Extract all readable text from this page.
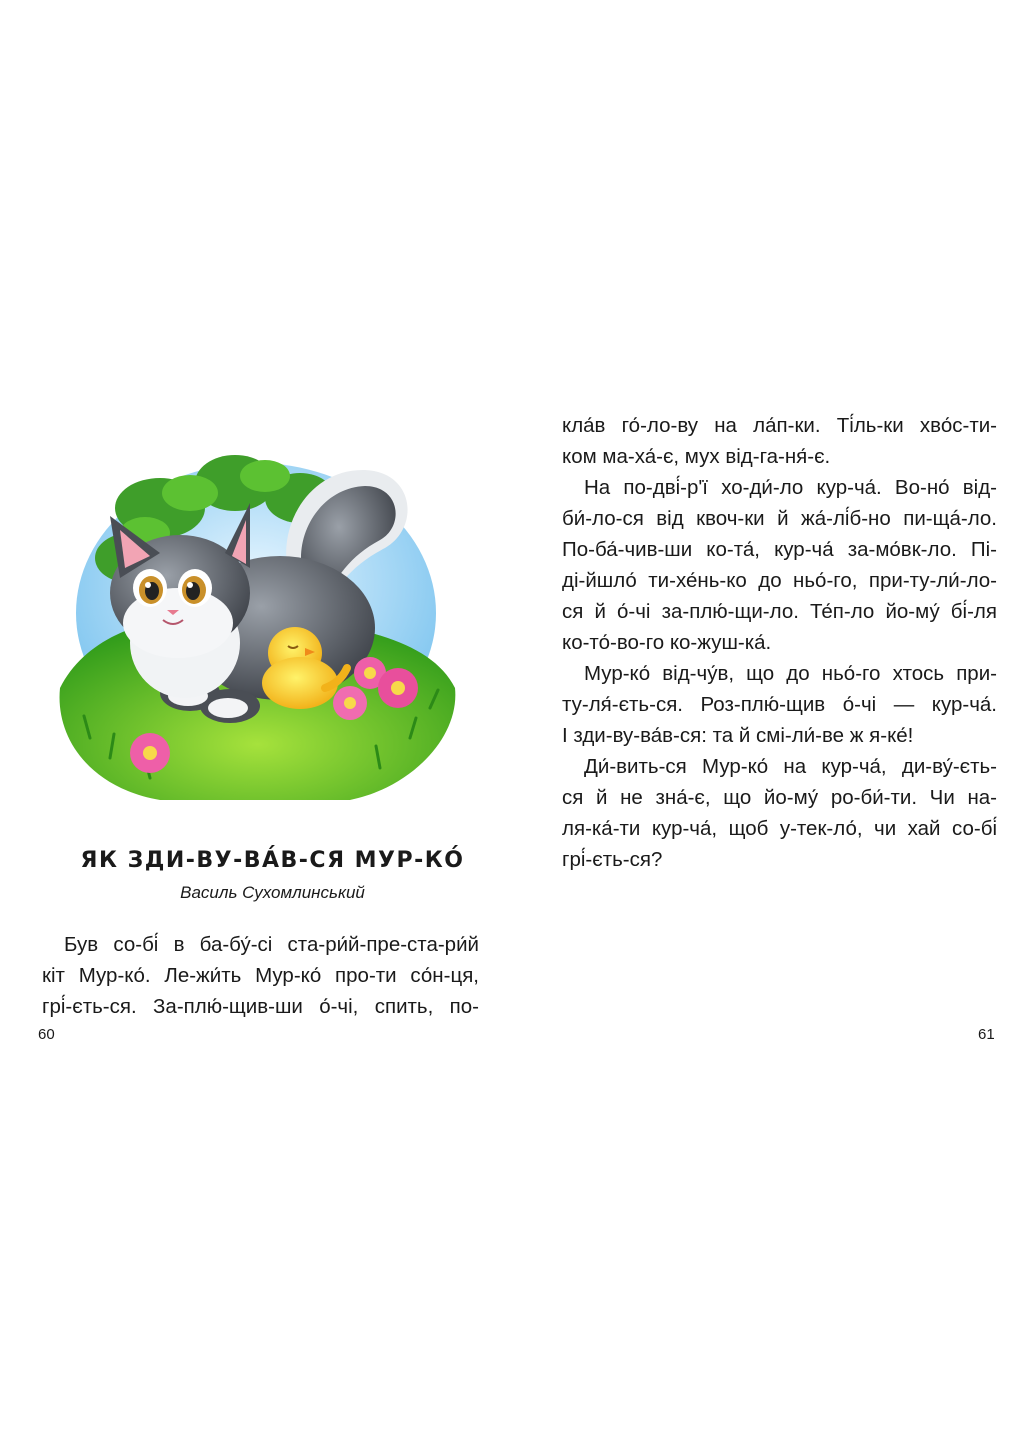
ЯК ЗДИ-ВУ-ВА́В-СЯ МУР-КО́
Василь Сухомлинський

Був со-бі́ в ба-бу́-сі ста-ри́й-пре-ста-ри́й
кіт Мур-ко́. Ле-жи́ть Мур-ко́ про-ти со́н-ця,
грі́-єть-ся. За-плю́-щив-ши о́-чі, спить, по-

кла́в го́-ло-ву на ла́п-ки. Ті́ль-ки хво́с-ти-
ком ма-ха́-є, мух від-га-ня́-є.

На по-дві́-р'ї хо-ди́-ло кур-ча́. Во-но́ від-
би́-ло-ся від квоч-ки й жа́-лі́б-но пи-щá-ло.
По-ба́-чив-ши ко-та́, кур-ча́ за-мо́вк-ло. Пі-
ді-йшло́ ти-хе́нь-ко до ньо́-го, при-ту-ли́-ло-
ся й о́-чі за-плю́-щи-ло. Те́п-ло йо-му́ бі́-ля
ко-то́-во-го ко-жуш-ка́.

Мур-ко́ від-чу́в, що до ньо́-го хтось при-
ту-ля́-єть-ся. Роз-плю́-щив о́-чі — кур-ча́.
І зди-ву-ва́в-ся: та й смі-ли́-ве ж я-ке́!

Ди́-вить-ся Мур-ко́ на кур-ча́, ди-ву́-єть-
ся й не зна́-є, що йо-му́ ро-би́-ти. Чи на-
ля-ка́-ти кур-ча́, щоб у-тек-ло́, чи хай со-бі́
грі́-єть-ся?

60	61
